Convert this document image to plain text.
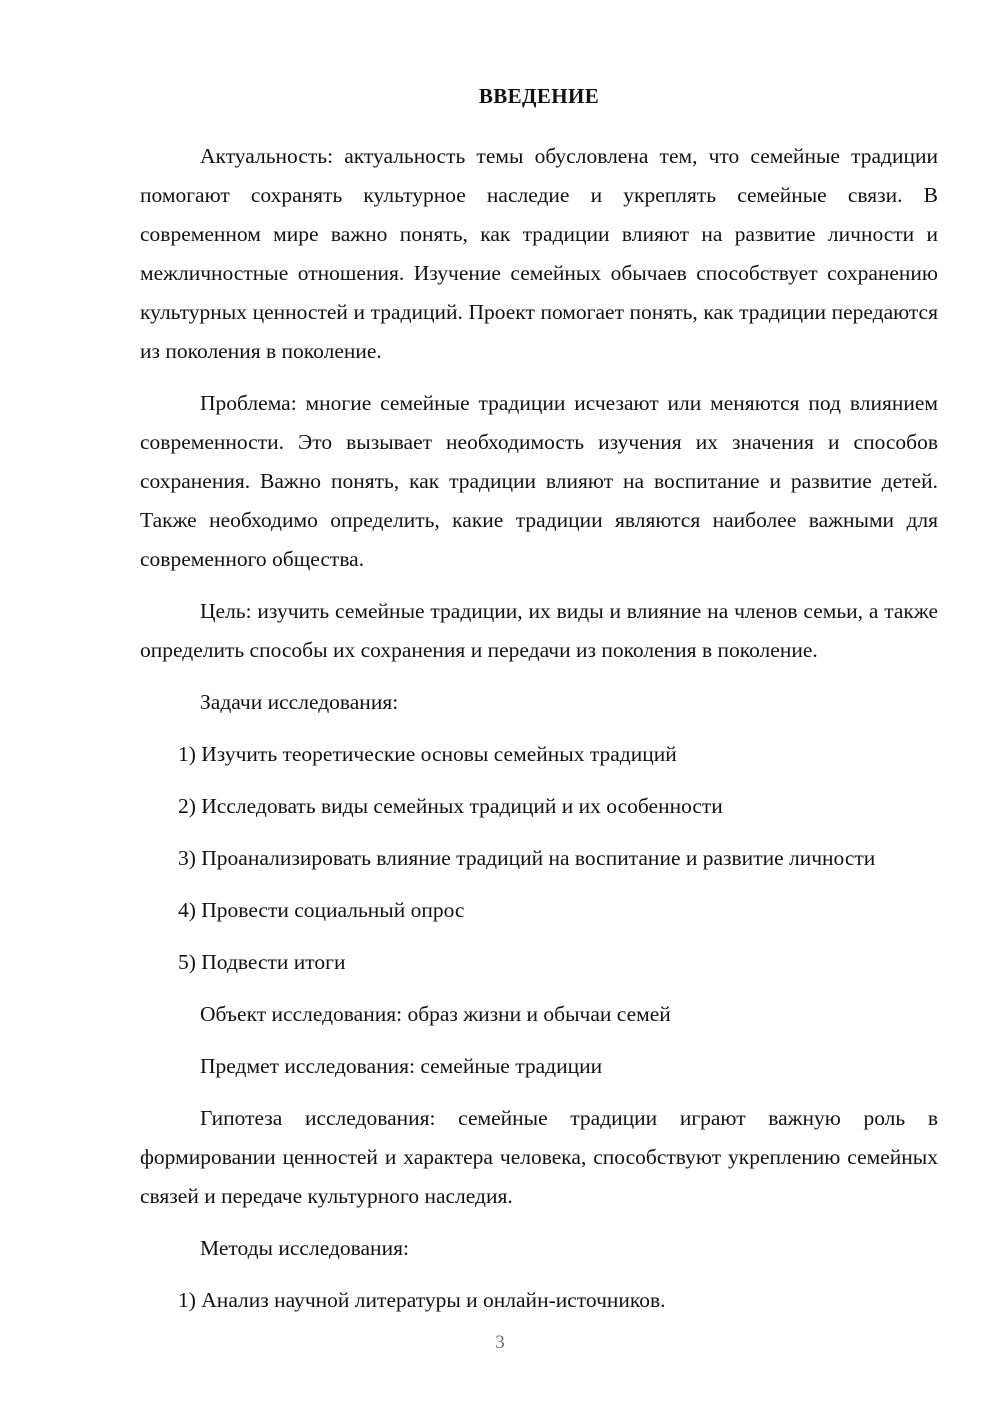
ВВЕДЕНИЕ

Актуальность: актуальность темы обусловлена тем, что семейные традиции помогают сохранять культурное наследие и укреплять семейные связи. В современном мире важно понять, как традиции влияют на развитие личности и межличностные отношения. Изучение семейных обычаев способствует сохранению культурных ценностей и традиций. Проект помогает понять, как традиции передаются из поколения в поколение.

Проблема: многие семейные традиции исчезают или меняются под влиянием современности. Это вызывает необходимость изучения их значения и способов сохранения. Важно понять, как традиции влияют на воспитание и развитие детей. Также необходимо определить, какие традиции являются наиболее важными для современного общества.

Цель: изучить семейные традиции, их виды и влияние на членов семьи, а также определить способы их сохранения и передачи из поколения в поколение.

Задачи исследования:

1) Изучить теоретические основы семейных традиций

2) Исследовать виды семейных традиций и их особенности

3) Проанализировать влияние традиций на воспитание и развитие личности

4) Провести социальный опрос

5) Подвести итоги

Объект исследования: образ жизни и обычаи семей

Предмет исследования: семейные традиции

Гипотеза исследования: семейные традиции играют важную роль в формировании ценностей и характера человека, способствуют укреплению семейных связей и передаче культурного наследия.

Методы исследования:

1) Анализ научной литературы и онлайн-источников.

3
